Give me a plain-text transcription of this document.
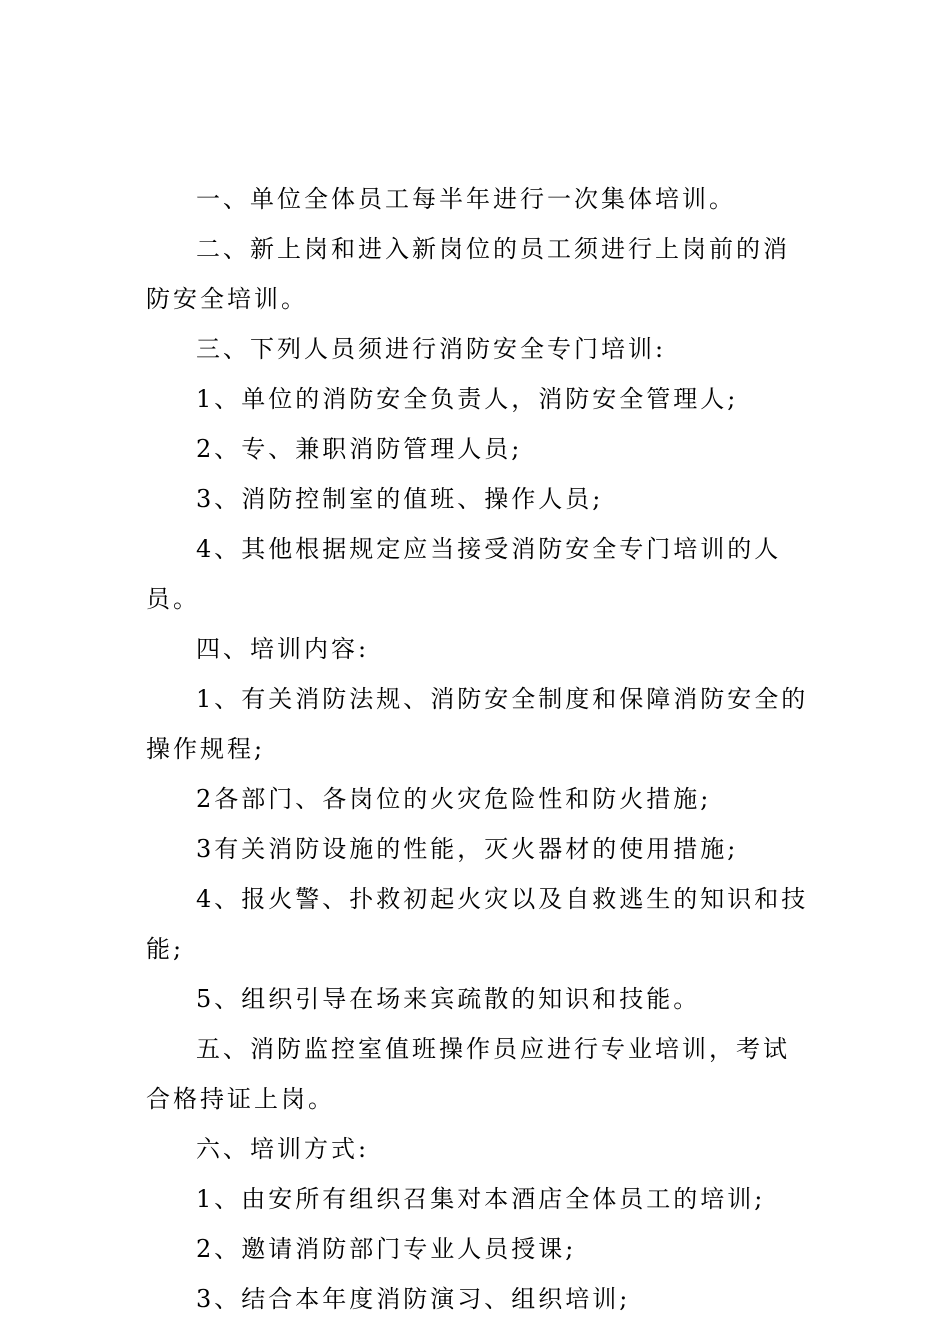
一、单位全体员工每半年进行一次集体培训。

二、新上岗和进入新岗位的员工须进行上岗前的消防安全培训。

三、下列人员须进行消防安全专门培训:

1、单位的消防安全负责人，消防安全管理人;

2、专、兼职消防管理人员;

3、消防控制室的值班、操作人员;

4、其他根据规定应当接受消防安全专门培训的人员。

四、培训内容:

1、有关消防法规、消防安全制度和保障消防安全的操作规程;

2各部门、各岗位的火灾危险性和防火措施;

3有关消防设施的性能，灭火器材的使用措施;

4、报火警、扑救初起火灾以及自救逃生的知识和技能;

5、组织引导在场来宾疏散的知识和技能。

五、消防监控室值班操作员应进行专业培训，考试合格持证上岗。

六、培训方式:

1、由安所有组织召集对本酒店全体员工的培训;

2、邀请消防部门专业人员授课;

3、结合本年度消防演习、组织培训;
